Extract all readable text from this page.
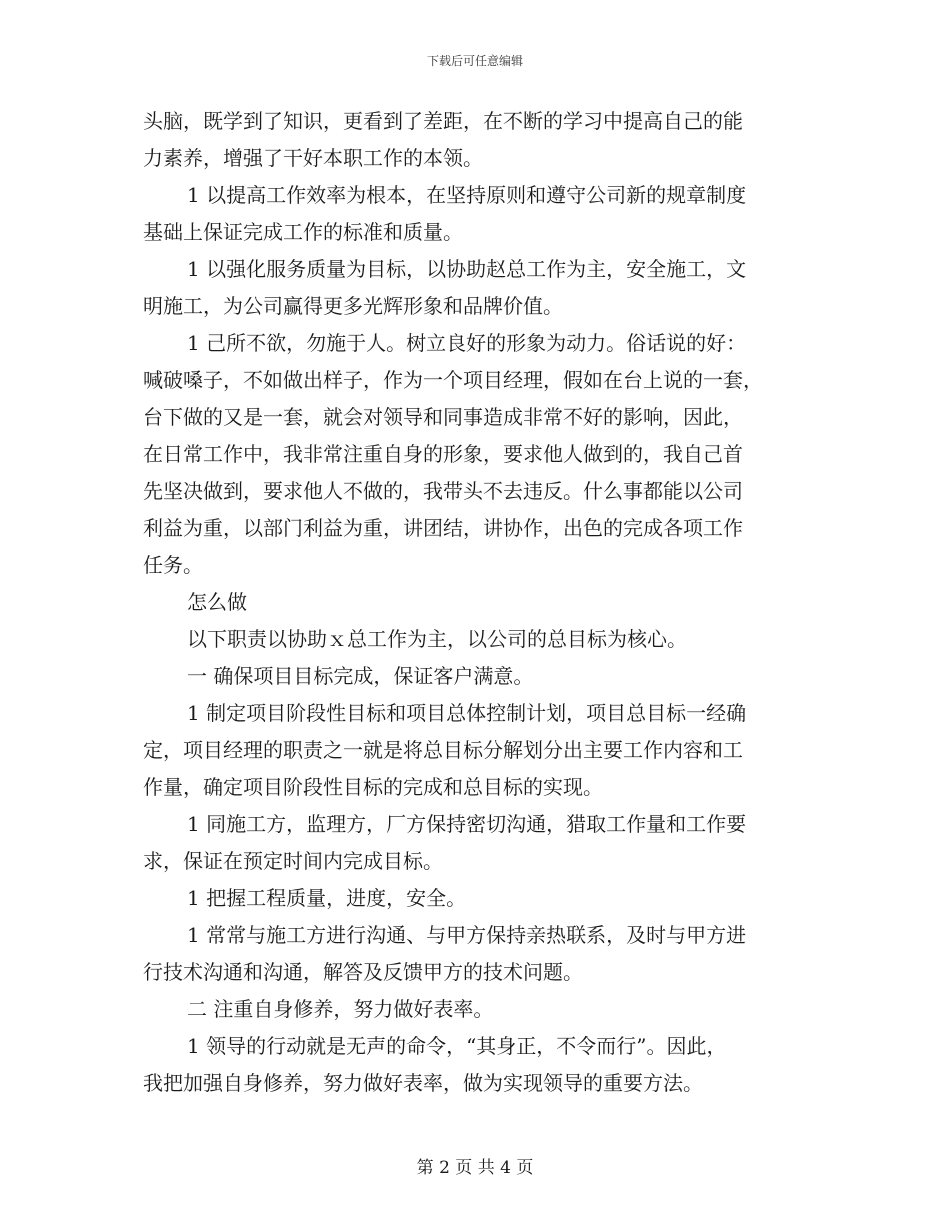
下载后可任意编辑
头脑，既学到了知识，更看到了差距，在不断的学习中提高自己的能
力素养，增强了干好本职工作的本领。
1 以提高工作效率为根本，在坚持原则和遵守公司新的规章制度
基础上保证完成工作的标准和质量。
1 以强化服务质量为目标，以协助赵总工作为主，安全施工，文
明施工，为公司赢得更多光辉形象和品牌价值。
1 己所不欲，勿施于人。树立良好的形象为动力。俗话说的好：
喊破嗓子，不如做出样子，作为一个项目经理，假如在台上说的一套，
台下做的又是一套，就会对领导和同事造成非常不好的影响，因此，
在日常工作中，我非常注重自身的形象，要求他人做到的，我自己首
先坚决做到，要求他人不做的，我带头不去违反。什么事都能以公司
利益为重，以部门利益为重，讲团结，讲协作，出色的完成各项工作
任务。
怎么做
以下职责以协助ｘ总工作为主，以公司的总目标为核心。
一 确保项目目标完成，保证客户满意。
1 制定项目阶段性目标和项目总体控制计划，项目总目标一经确
定，项目经理的职责之一就是将总目标分解划分出主要工作内容和工
作量，确定项目阶段性目标的完成和总目标的实现。
1 同施工方，监理方，厂方保持密切沟通，猎取工作量和工作要
求，保证在预定时间内完成目标。
1 把握工程质量，进度，安全。
1 常常与施工方进行沟通、与甲方保持亲热联系，及时与甲方进
行技术沟通和沟通，解答及反馈甲方的技术问题。
二 注重自身修养，努力做好表率。
1 领导的行动就是无声的命令，“其身正，不令而行”。因此，
我把加强自身修养，努力做好表率，做为实现领导的重要方法。
第 2 页 共 4 页
